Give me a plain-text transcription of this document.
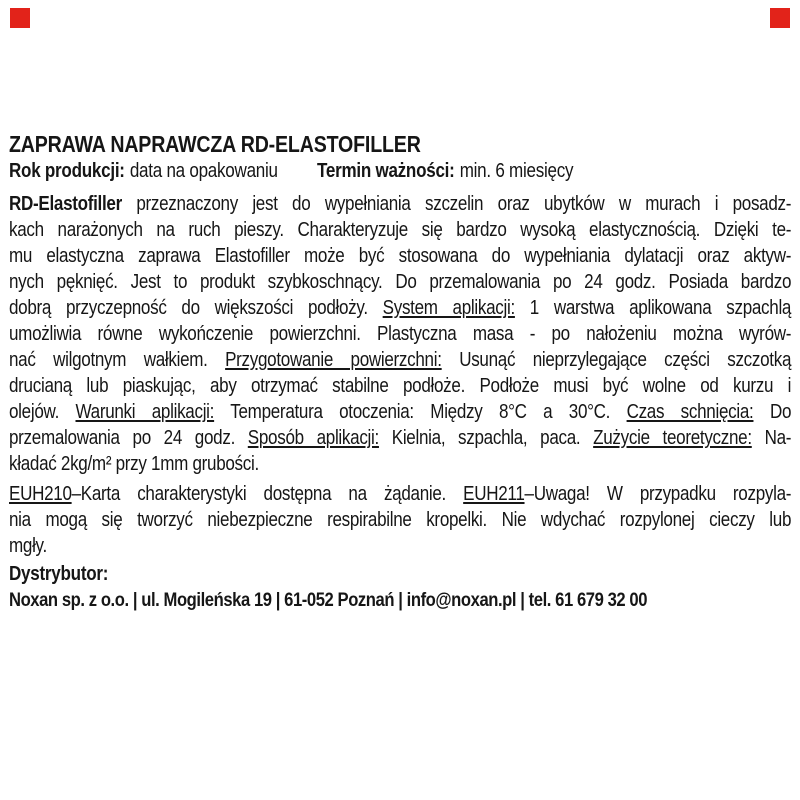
ZAPRAWA NAPRAWCZA RD-ELASTOFILLER
Rok produkcji: data na opakowaniu Termin ważności: min. 6 miesięcy
RD-Elastofiller przeznaczony jest do wypełniania szczelin oraz ubytków w murach i posadz-
kach narażonych na ruch pieszy. Charakteryzuje się bardzo wysoką elastycznością. Dzięki te-
mu elastyczna zaprawa Elastofiller może być stosowana do wypełniania dylatacji oraz aktyw-
nych pęknięć. Jest to produkt szybkoschnący. Do przemalowania po 24 godz. Posiada bardzo
dobrą przyczepność do większości podłoży. System aplikacji: 1 warstwa aplikowana szpachlą
umożliwia równe wykończenie powierzchni. Plastyczna masa - po nałożeniu można wyrów-
nać wilgotnym wałkiem. Przygotowanie powierzchni: Usunąć nieprzylegające części szczotką
drucianą lub piaskując, aby otrzymać stabilne podłoże. Podłoże musi być wolne od kurzu i
olejów. Warunki aplikacji: Temperatura otoczenia: Między 8°C a 30°C. Czas schnięcia: Do
przemalowania po 24 godz. Sposób aplikacji: Kielnia, szpachla, paca. Zużycie teoretyczne: Na-
kładać 2kg/m² przy 1mm grubości.
EUH210–Karta charakterystyki dostępna na żądanie. EUH211–Uwaga! W przypadku rozpyla-
nia mogą się tworzyć niebezpieczne respirabilne kropelki. Nie wdychać rozpylonej cieczy lub
mgły.
Dystrybutor:
Noxan sp. z o.o. | ul. Mogileńska 19 | 61-052 Poznań | info@noxan.pl | tel. 61 679 32 00
